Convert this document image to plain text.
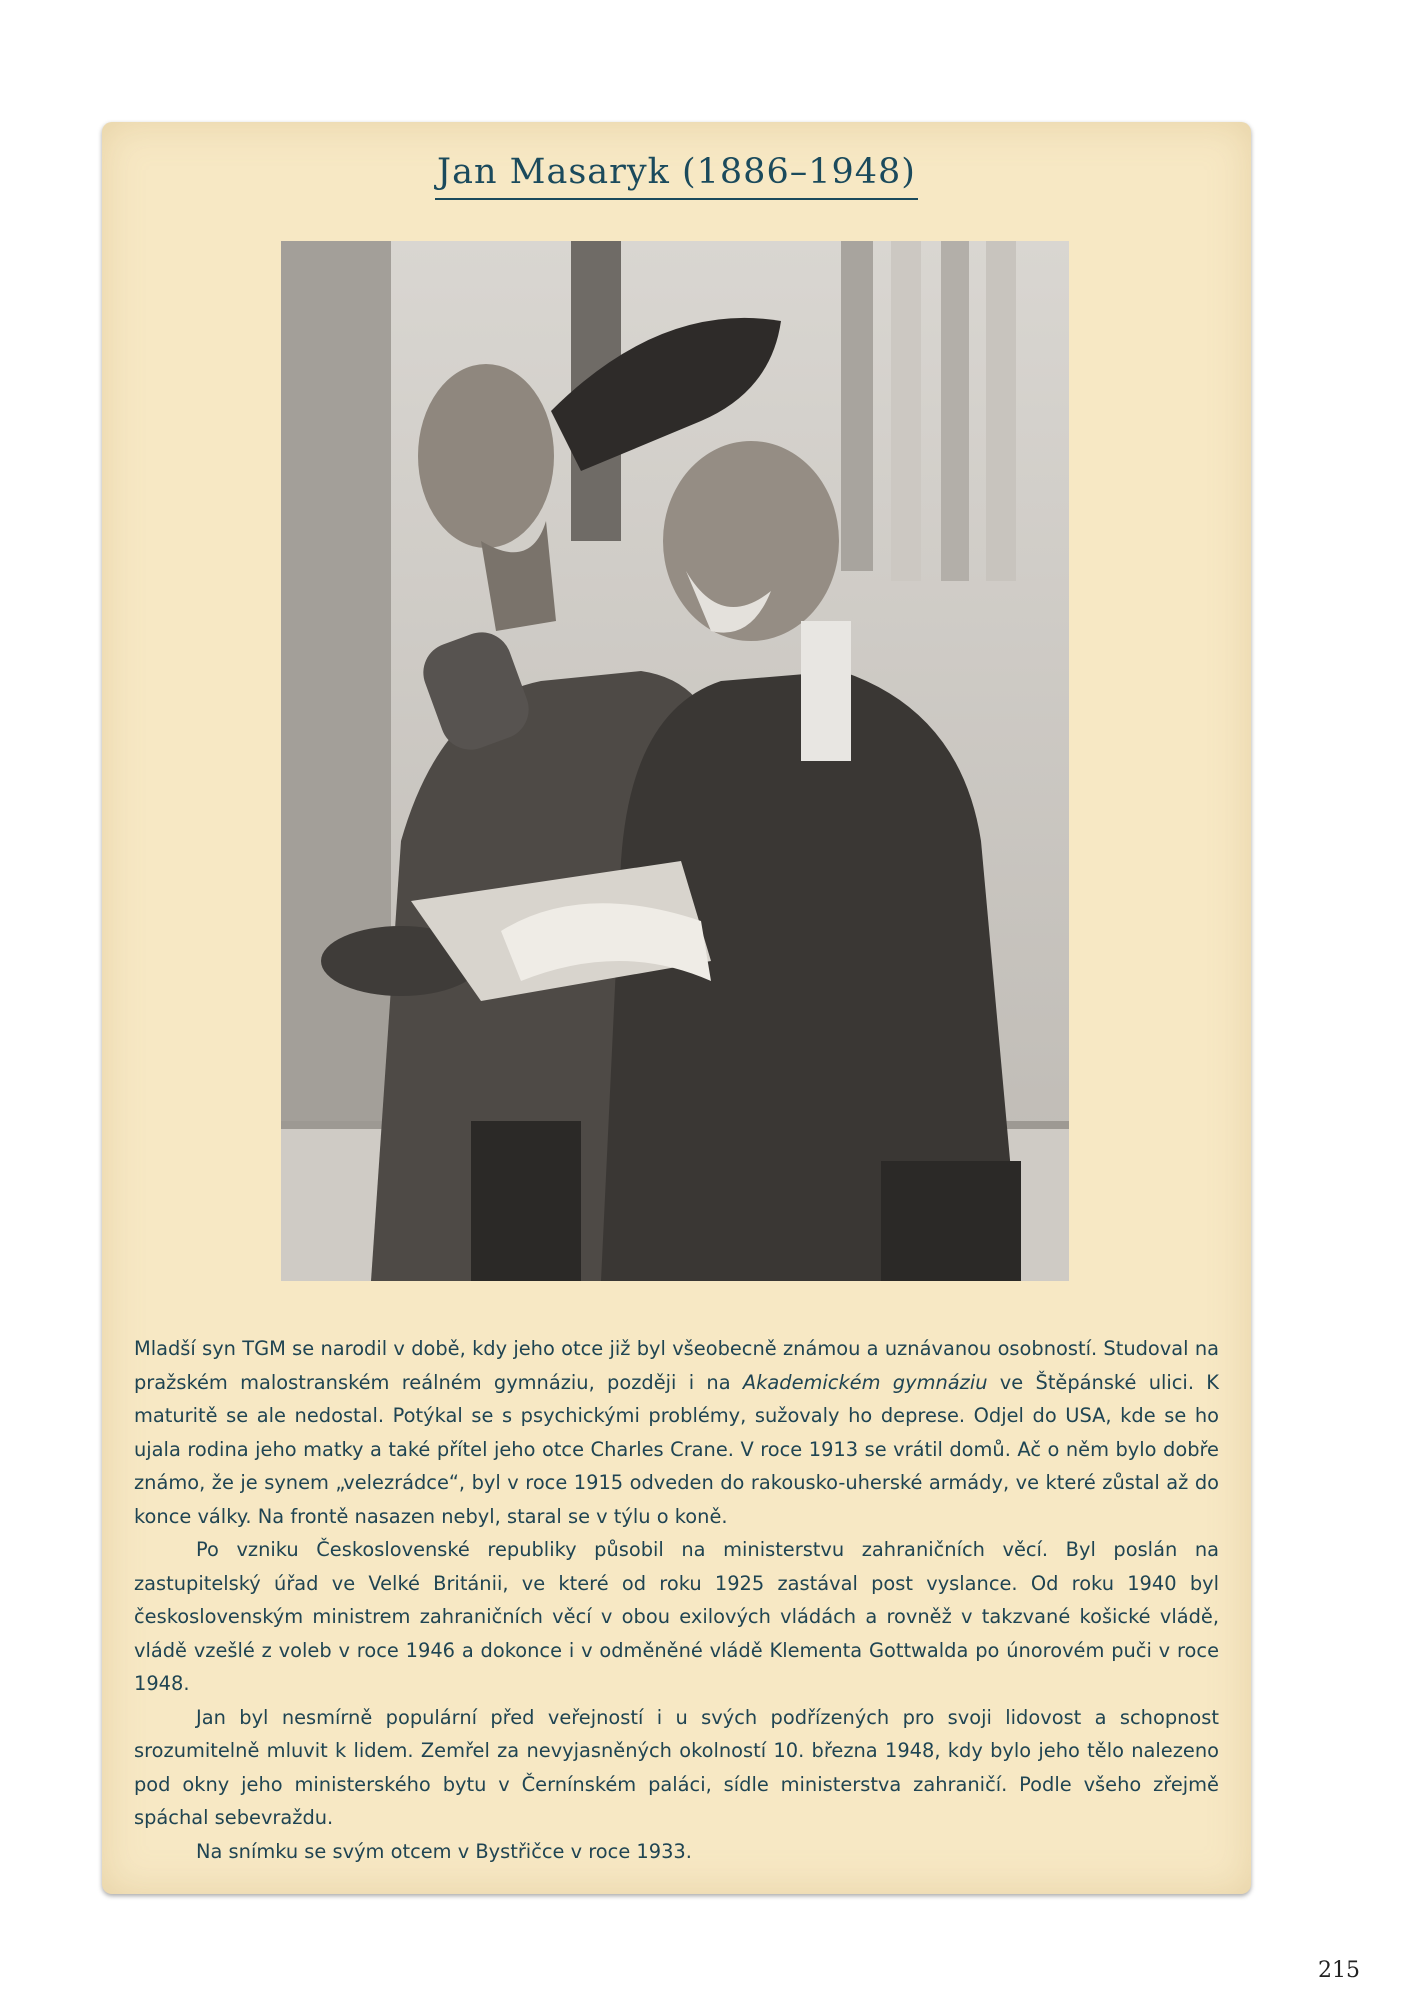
Jan Masaryk (1886–1948)

Mladší syn TGM se narodil v době, kdy jeho otce již byl všeobecně známou a uznávanou osobností. Studoval na pražském malostranském reálném gymnáziu, později i na Akademickém gymnáziu ve Štěpánské ulici. K maturitě se ale nedostal. Potýkal se s psychickými problémy, sužovaly ho deprese. Odjel do USA, kde se ho ujala rodina jeho matky a také přítel jeho otce Charles Crane. V roce 1913 se vrátil domů. Ač o něm bylo dobře známo, že je synem „velezrádce“, byl v roce 1915 odveden do rakousko-uherské armády, ve které zůstal až do konce války. Na frontě nasazen nebyl, staral se v týlu o koně.

Po vzniku Československé republiky působil na ministerstvu zahraničních věcí. Byl poslán na zastupitelský úřad ve Velké Británii, ve které od roku 1925 zastával post vyslance. Od roku 1940 byl československým ministrem zahraničních věcí v obou exilových vládách a rovněž v takzvané košické vládě, vládě vzešlé z voleb v roce 1946 a dokonce i v odměněné vládě Klementa Gottwalda po únorovém puči v roce 1948.

Jan byl nesmírně populární před veřejností i u svých podřízených pro svoji lidovost a schopnost srozumitelně mluvit k lidem. Zemřel za nevyjasněných okolností 10. března 1948, kdy bylo jeho tělo nalezeno pod okny jeho ministerského bytu v Černínském paláci, sídle ministerstva zahraničí. Podle všeho zřejmě spáchal sebevraždu.

Na snímku se svým otcem v Bystřičce v roce 1933.

215
